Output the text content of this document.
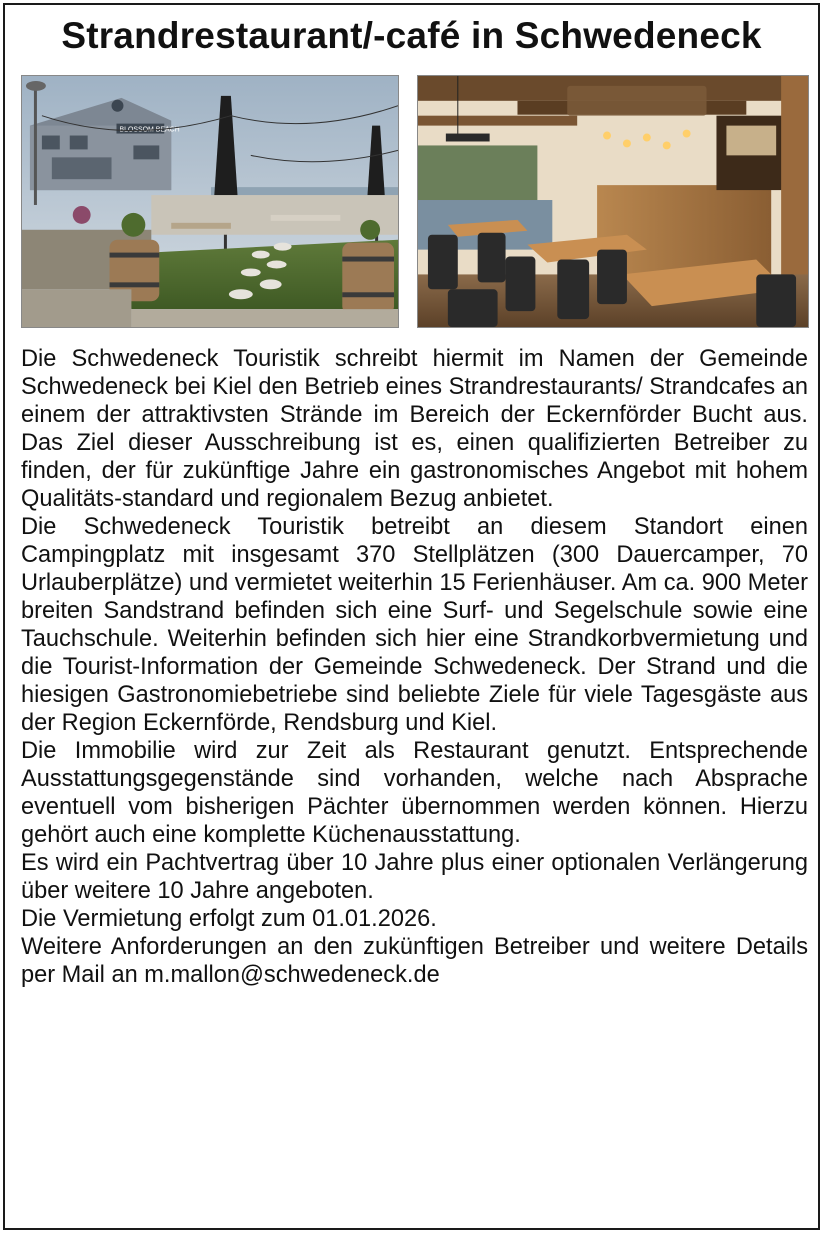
Strandrestaurant/-café in Schwedeneck
BLOSSOM BEACH

Die Schwedeneck Touristik schreibt hiermit im Namen der Gemeinde Schwedeneck bei Kiel den Betrieb eines Strandrestaurants/ Strandcafes an einem der attraktivsten Strände im Bereich der Eckernförder Bucht aus. Das Ziel dieser Ausschreibung ist es, einen qualifizierten Betreiber zu finden, der für zukünftige Jahre ein gastronomisches Angebot mit hohem Qualitäts-standard und regionalem Bezug anbietet.

Die Schwedeneck Touristik betreibt an diesem Standort einen Campingplatz mit insgesamt 370 Stellplätzen (300 Dauercamper, 70 Urlauberplätze) und vermietet weiterhin 15 Ferienhäuser. Am ca. 900 Meter breiten Sandstrand befinden sich eine Surf- und Segelschule sowie eine Tauchschule. Weiterhin befinden sich hier eine Strandkorbvermietung und die Tourist-Information der Gemeinde Schwedeneck. Der Strand und die hiesigen Gastronomiebetriebe sind beliebte Ziele für viele Tagesgäste aus der Region Eckernförde, Rendsburg und Kiel.

Die Immobilie wird zur Zeit als Restaurant genutzt. Entsprechende Ausstattungsgegenstände sind vorhanden, welche nach Absprache eventuell vom bisherigen Pächter übernommen werden können. Hierzu gehört auch eine komplette Küchenausstattung.

Es wird ein Pachtvertrag über 10 Jahre plus einer optionalen Verlängerung über weitere 10 Jahre angeboten.

Die Vermietung erfolgt zum 01.01.2026.

Weitere Anforderungen an den zukünftigen Betreiber und weitere Details per Mail an m.mallon@schwedeneck.de
